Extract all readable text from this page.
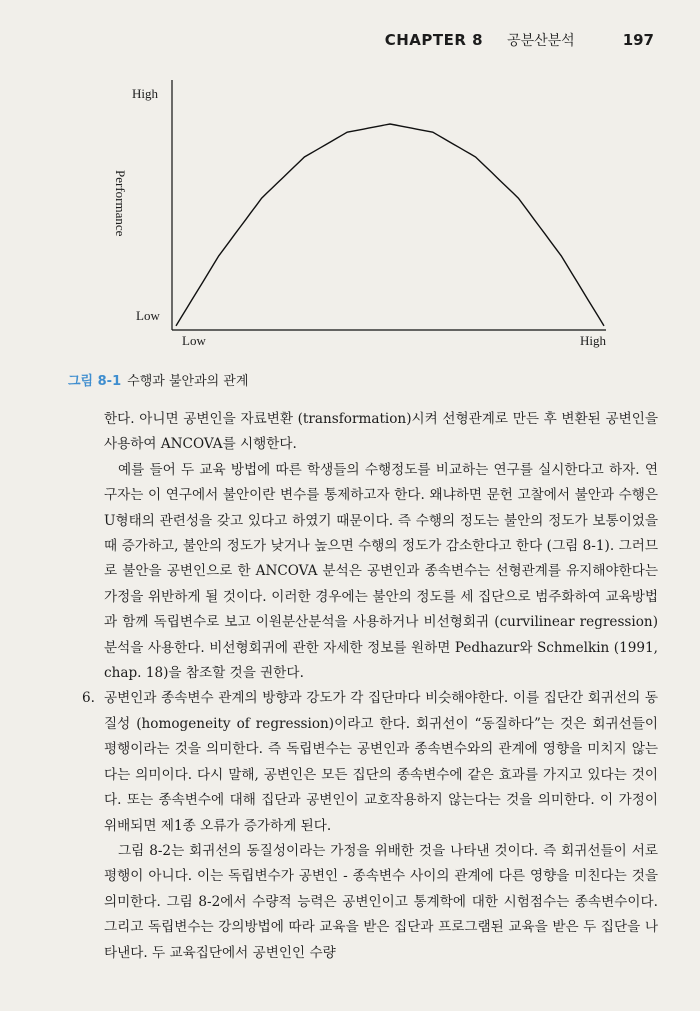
CHAPTER 8 공분산분석	197
High
Low
Performance
Low	High
그림 8-1 수행과 불안과의 관계

한다. 아니면 공변인을 자료변환 (transformation)시켜 선형관계로 만든 후 변환된 공변인을 사용하여 ANCOVA를 시행한다.

예를 들어 두 교육 방법에 따른 학생들의 수행정도를 비교하는 연구를 실시한다고 하자. 연구자는 이 연구에서 불안이란 변수를 통제하고자 한다. 왜냐하면 문헌 고찰에서 불안과 수행은 U형태의 관련성을 갖고 있다고 하였기 때문이다. 즉 수행의 정도는 불안의 정도가 보통이었을 때 증가하고, 불안의 정도가 낮거나 높으면 수행의 정도가 감소한다고 한다 (그림 8-1). 그러므로 불안을 공변인으로 한 ANCOVA 분석은 공변인과 종속변수는 선형관계를 유지해야한다는 가정을 위반하게 될 것이다. 이러한 경우에는 불안의 정도를 세 집단으로 범주화하여 교육방법과 함께 독립변수로 보고 이원분산분석을 사용하거나 비선형회귀 (curvilinear regression)분석을 사용한다. 비선형회귀에 관한 자세한 정보를 원하면 Pedhazur와 Schmelkin (1991, chap. 18)을 참조할 것을 권한다.

6. 공변인과 종속변수 관계의 방향과 강도가 각 집단마다 비슷해야한다. 이를 집단간 회귀선의 동질성 (homogeneity of regression)이라고 한다. 회귀선이 “동질하다”는 것은 회귀선들이 평행이라는 것을 의미한다. 즉 독립변수는 공변인과 종속변수와의 관계에 영향을 미치지 않는다는 의미이다. 다시 말해, 공변인은 모든 집단의 종속변수에 같은 효과를 가지고 있다는 것이다. 또는 종속변수에 대해 집단과 공변인이 교호작용하지 않는다는 것을 의미한다. 이 가정이 위배되면 제1종 오류가 증가하게 된다.

그림 8-2는 회귀선의 동질성이라는 가정을 위배한 것을 나타낸 것이다. 즉 회귀선들이 서로 평행이 아니다. 이는 독립변수가 공변인 - 종속변수 사이의 관계에 다른 영향을 미친다는 것을 의미한다. 그림 8-2에서 수량적 능력은 공변인이고 통계학에 대한 시험점수는 종속변수이다. 그리고 독립변수는 강의방법에 따라 교육을 받은 집단과 프로그램된 교육을 받은 두 집단을 나타낸다. 두 교육집단에서 공변인인 수량
